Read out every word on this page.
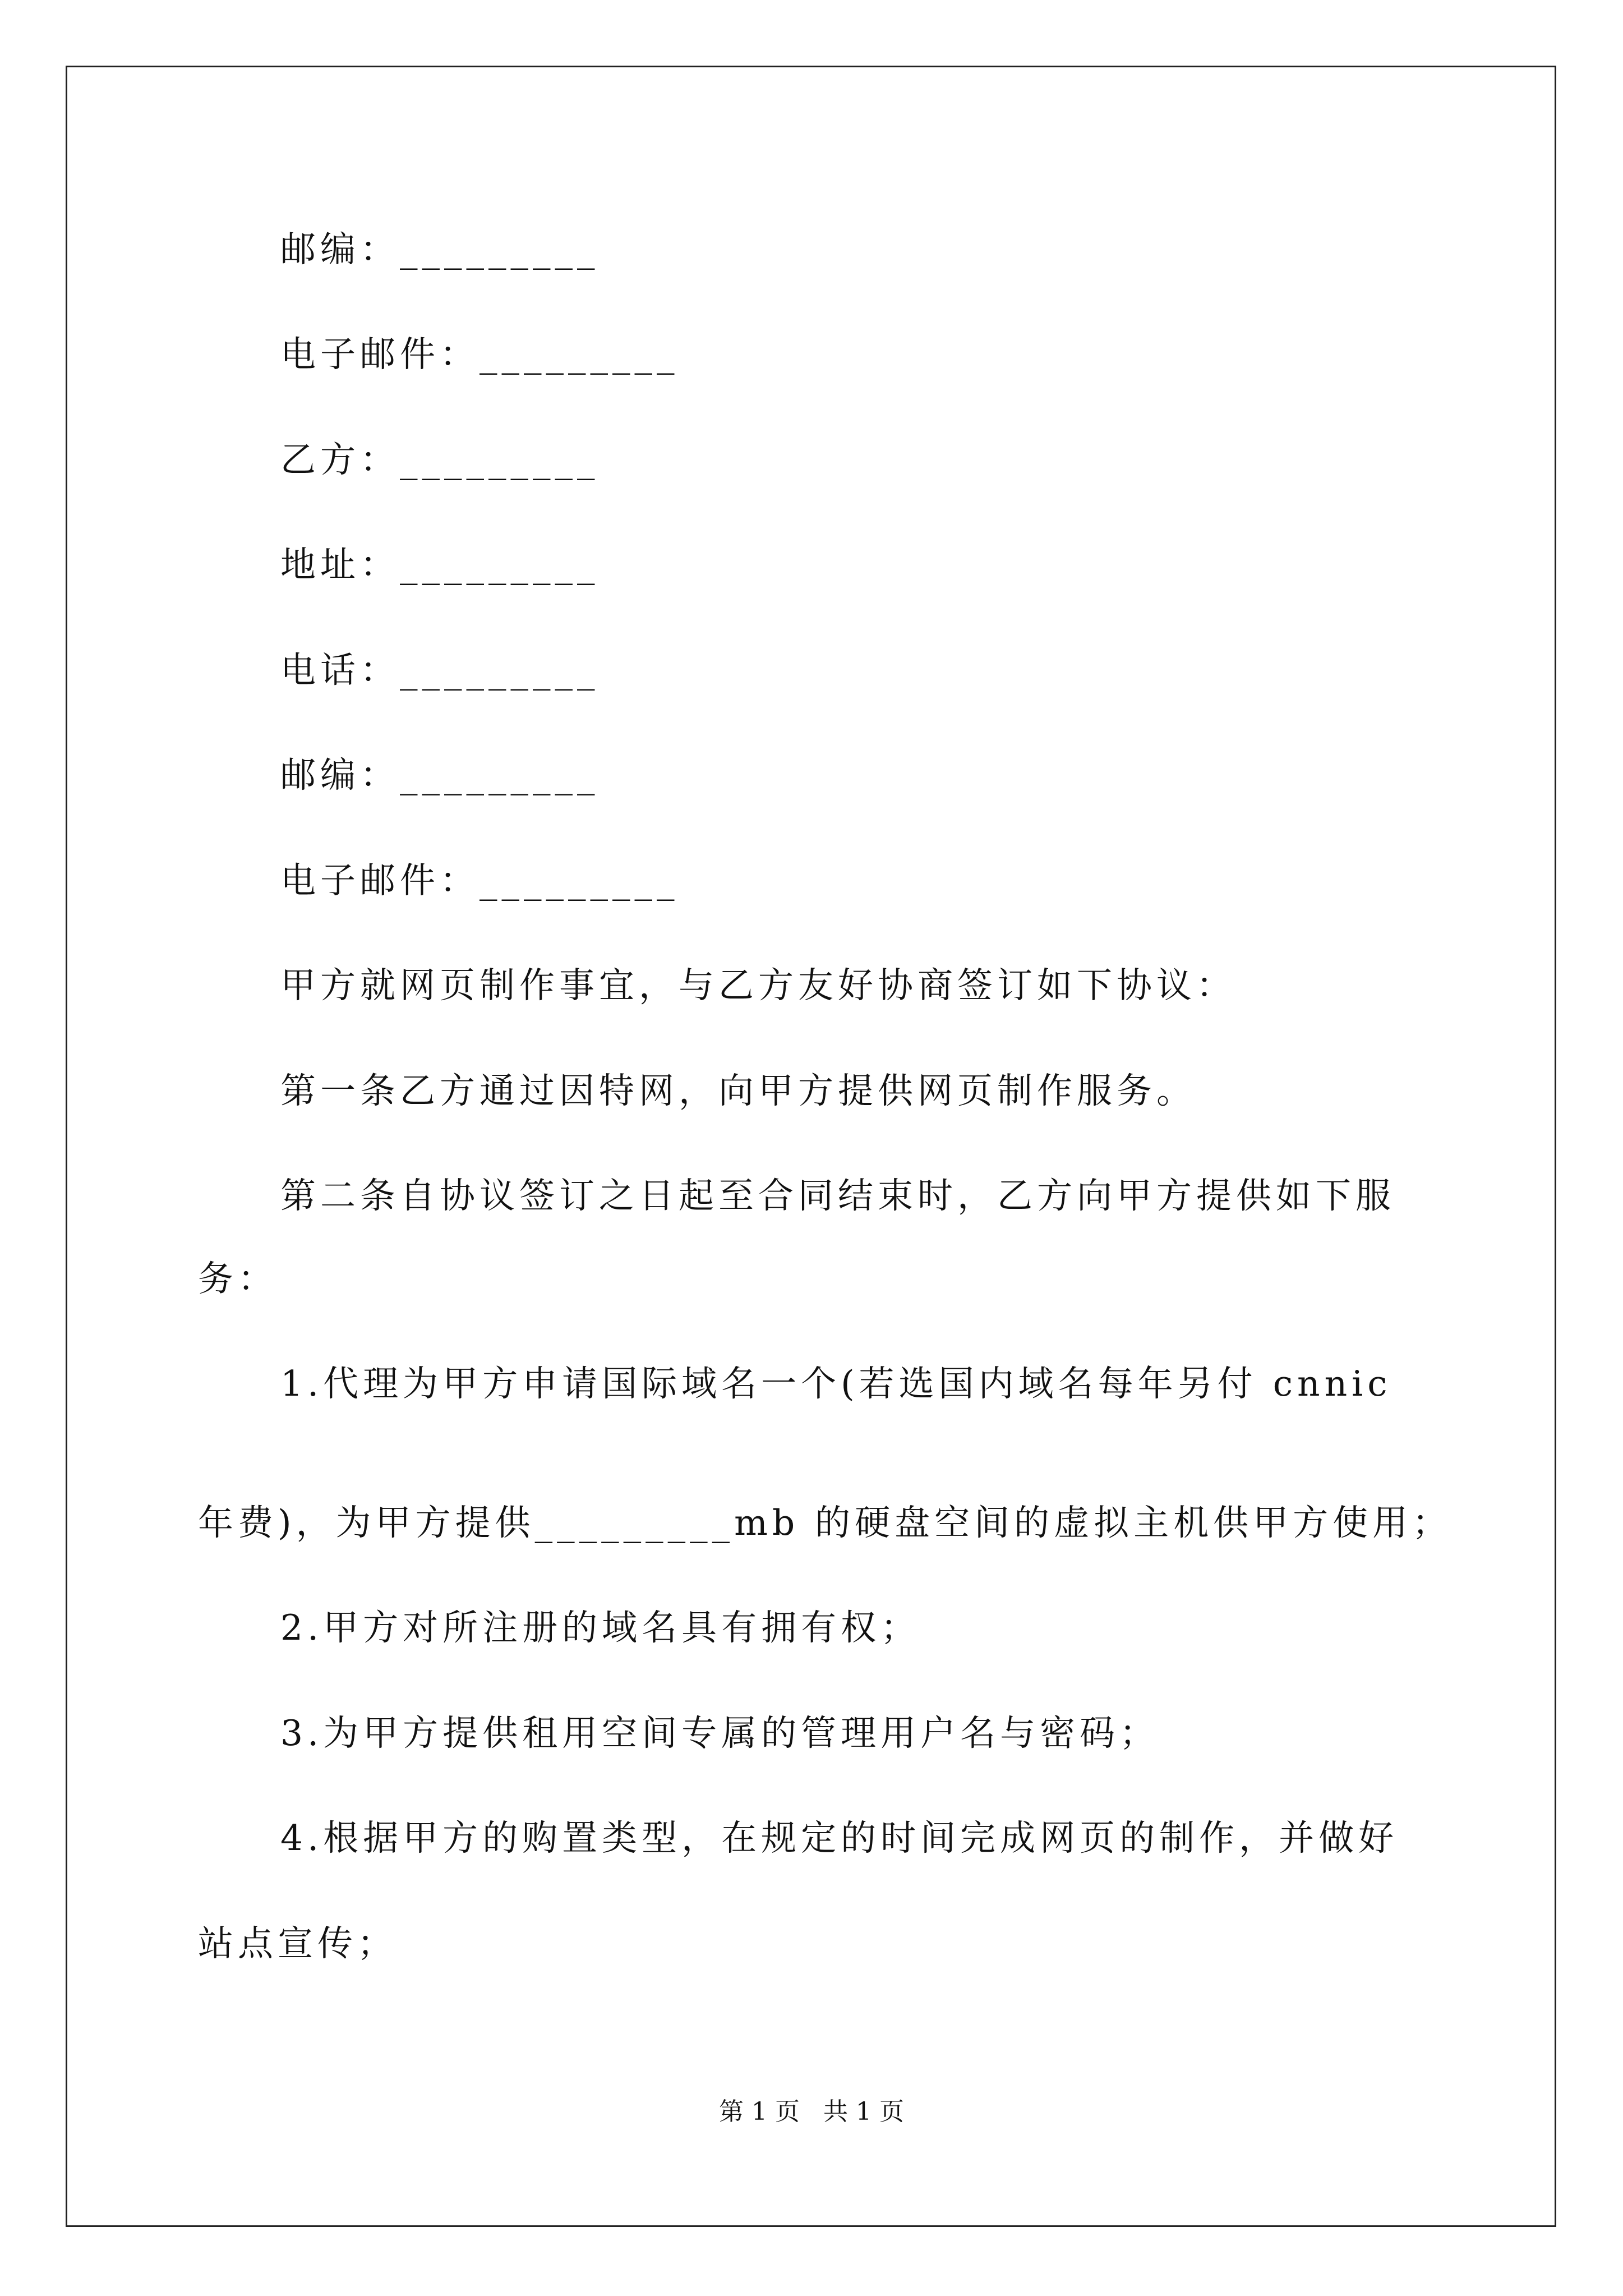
邮编：_________
电子邮件：_________
乙方：_________
地址：_________
电话：_________
邮编：_________
电子邮件：_________
甲方就网页制作事宜，与乙方友好协商签订如下协议：
第一条乙方通过因特网，向甲方提供网页制作服务。
第二条自协议签订之日起至合同结束时，乙方向甲方提供如下服
务：
1.代理为甲方申请国际域名一个(若选国内域名每年另付 cnnic
年费)，为甲方提供_________mb 的硬盘空间的虚拟主机供甲方使用；
2.甲方对所注册的域名具有拥有权；
3.为甲方提供租用空间专属的管理用户名与密码；
4.根据甲方的购置类型，在规定的时间完成网页的制作，并做好
站点宣传；
第 1 页   共 1 页
